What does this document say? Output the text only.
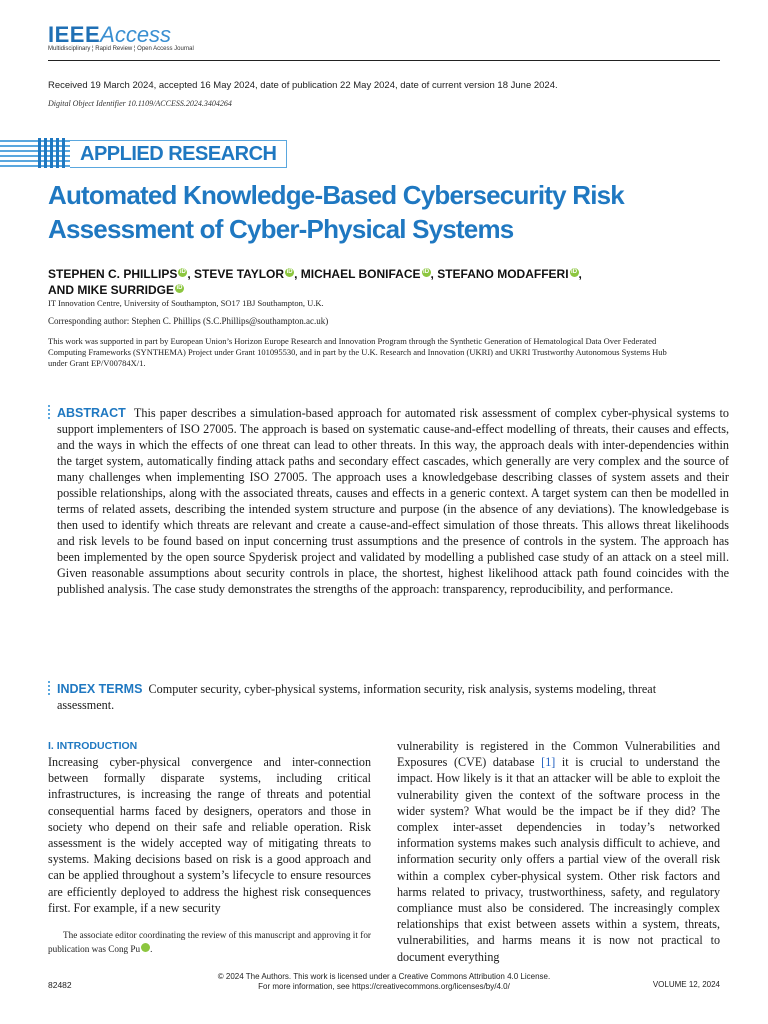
IEEEAccess
Multidisciplinary ¦ Rapid Review ¦ Open Access Journal
Received 19 March 2024, accepted 16 May 2024, date of publication 22 May 2024, date of current version 18 June 2024.
Digital Object Identifier 10.1109/ACCESS.2024.3404264
APPLIED RESEARCH
Automated Knowledge-Based Cybersecurity Risk Assessment of Cyber-Physical Systems
STEPHEN C. PHILLIPS iD , STEVE TAYLOR iD , MICHAEL BONIFACE iD , STEFANO MODAFFERI iD ,
AND MIKE SURRIDGE iD
IT Innovation Centre, University of Southampton, SO17 1BJ Southampton, U.K.
Corresponding author: Stephen C. Phillips (S.C.Phillips@southampton.ac.uk)
This work was supported in part by European Union’s Horizon Europe Research and Innovation Program through the Synthetic Generation of Hematological Data Over Federated Computing Frameworks (SYNTHEMA) Project under Grant 101095530, and in part by the U.K. Research and Innovation (UKRI) and UKRI Trustworthy Autonomous Systems Hub under Grant EP/V00784X/1.

ABSTRACT This paper describes a simulation-based approach for automated risk assessment of complex cyber-physical systems to support implementers of ISO 27005. The approach is based on systematic cause-and-effect modelling of threats, their causes and effects, and the ways in which the effects of one threat can lead to other threats. In this way, the approach deals with inter-dependencies within the target system, automatically finding attack paths and secondary effect cascades, which generally are very complex and the source of many challenges when implementing ISO 27005. The approach uses a knowledgebase describing classes of system assets and their possible relationships, along with the associated threats, causes and effects in a generic context. A target system can then be modelled in terms of related assets, describing the intended system structure and purpose (in the absence of any deviations). The knowledgebase is then used to identify which threats are relevant and create a cause-and-effect simulation of those threats. This allows threat likelihoods and risk levels to be found based on input concerning trust assumptions and the presence of controls in the system. The approach has been implemented by the open source Spyderisk project and validated by modelling a published case study of an attack on a steel mill. Given reasonable assumptions about security controls in place, the shortest, highest likelihood attack path found coincides with the published analysis. The case study demonstrates the strengths of the approach: transparency, reproducibility, and performance.

INDEX TERMS Computer security, cyber-physical systems, information security, risk analysis, systems modeling, threat assessment.

I. INTRODUCTION

Increasing cyber-physical convergence and inter-connection between formally disparate systems, including critical infrastructures, is increasing the range of threats and potential consequential harms faced by designers, operators and those in society who depend on their safe and reliable operation. Risk assessment is the widely accepted way of mitigating threats to systems. Making decisions based on risk is a good approach and can be applied throughout a system’s lifecycle to ensure resources are efficiently deployed to address the highest risk consequences first. For example, if a new security

vulnerability is registered in the Common Vulnerabilities and Exposures (CVE) database [1] it is crucial to understand the impact. How likely is it that an attacker will be able to exploit the vulnerability given the context of the software process in the wider system? What would be the impact be if they did? The complex inter-asset dependencies in today’s networked information systems makes such analysis difficult to achieve, and information security only offers a partial view of the overall risk within a complex cyber-physical system. Other risk factors and harms related to privacy, trustworthiness, safety, and regulatory compliance must also be considered. The increasingly complex relationships that exist between assets within a system, threats, vulnerabilities, and harms means it is now not practical to document everything

The associate editor coordinating the review of this manuscript and approving it for publication was Cong Pu	iD.

© 2024 The Authors. This work is licensed under a Creative Commons Attribution 4.0 License.
For more information, see https://creativecommons.org/licenses/by/4.0/
82482	VOLUME 12, 2024
